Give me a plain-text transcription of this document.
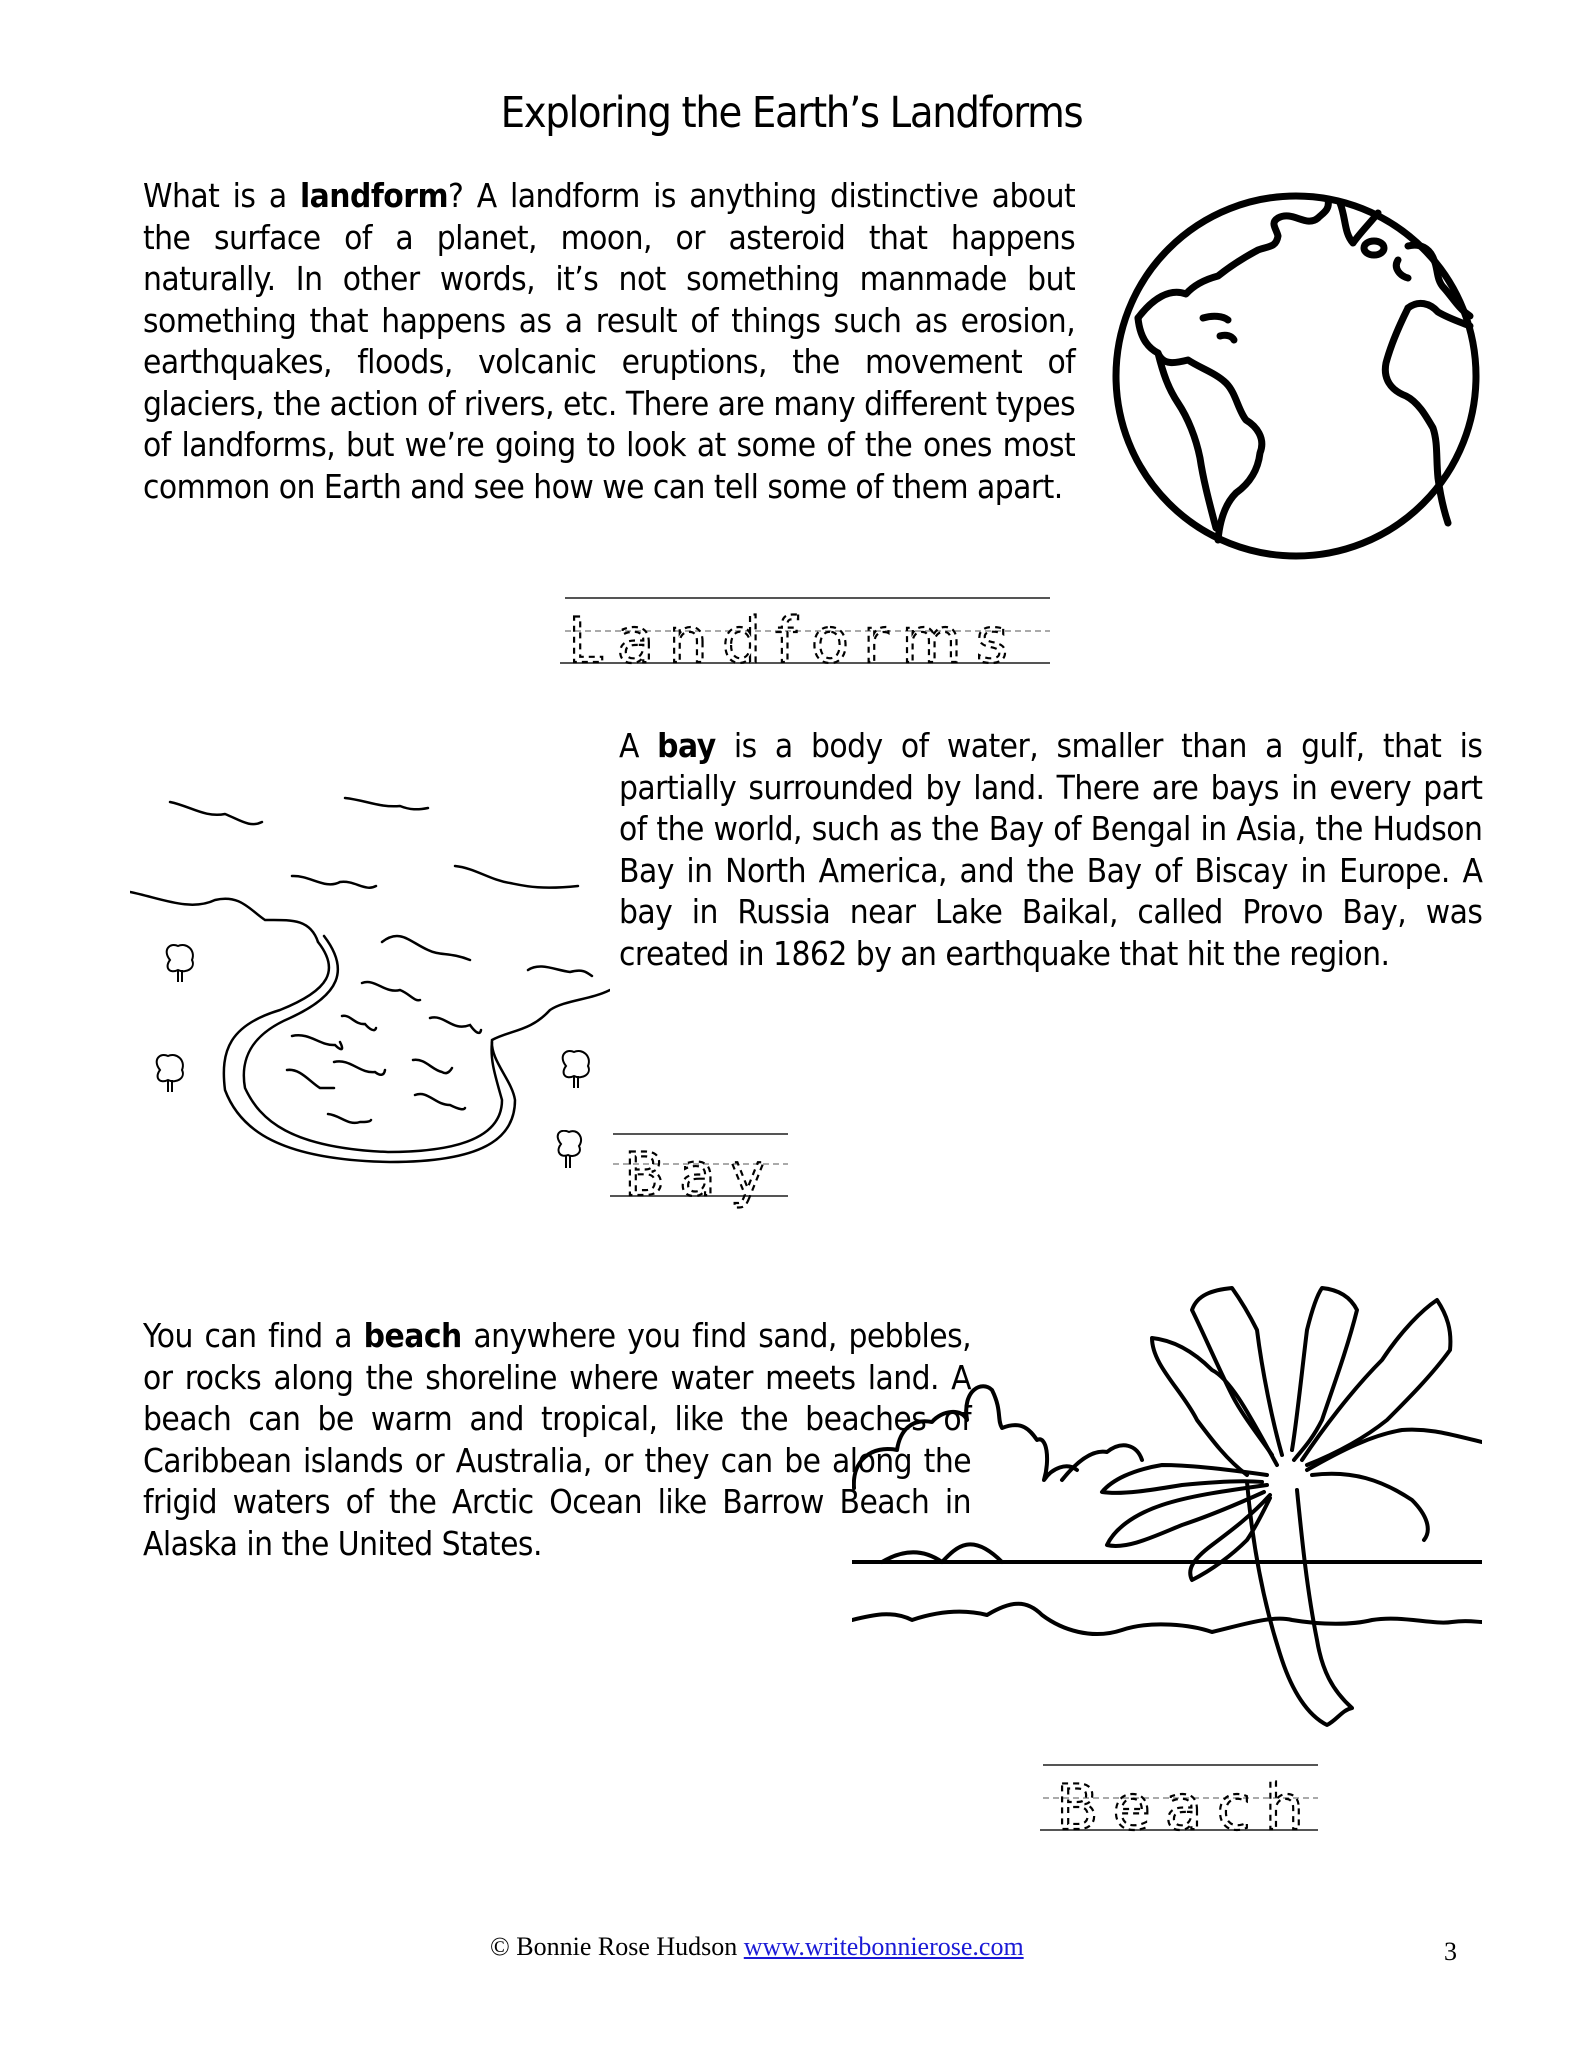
Exploring the Earth’s Landforms
What is a landform? A landform is anything distinctive about the surface of a planet, moon, or asteroid that happens naturally. In other words, it’s not something manmade but something that happens as a result of things such as erosion, earthquakes, floods, volcanic eruptions, the movement of glaciers, the action of rivers, etc. There are many different types of landforms, but we’re going to look at some of the ones most common on Earth and see how we can tell some of them apart.
Landforms
A bay is a body of water, smaller than a gulf, that is partially surrounded by land. There are bays in every part of the world, such as the Bay of Bengal in Asia, the Hudson Bay in North America, and the Bay of Biscay in Europe. A bay in Russia near Lake Baikal, called Provo Bay, was created in 1862 by an earthquake that hit the region.
Bay
You can find a beach anywhere you find sand, pebbles, or rocks along the shoreline where water meets land. A beach can be warm and tropical, like the beaches of Caribbean islands or Australia, or they can be along the frigid waters of the Arctic Ocean like Barrow Beach in Alaska in the United States.
Beach
© Bonnie Rose Hudson www.writebonnierose.com	3
